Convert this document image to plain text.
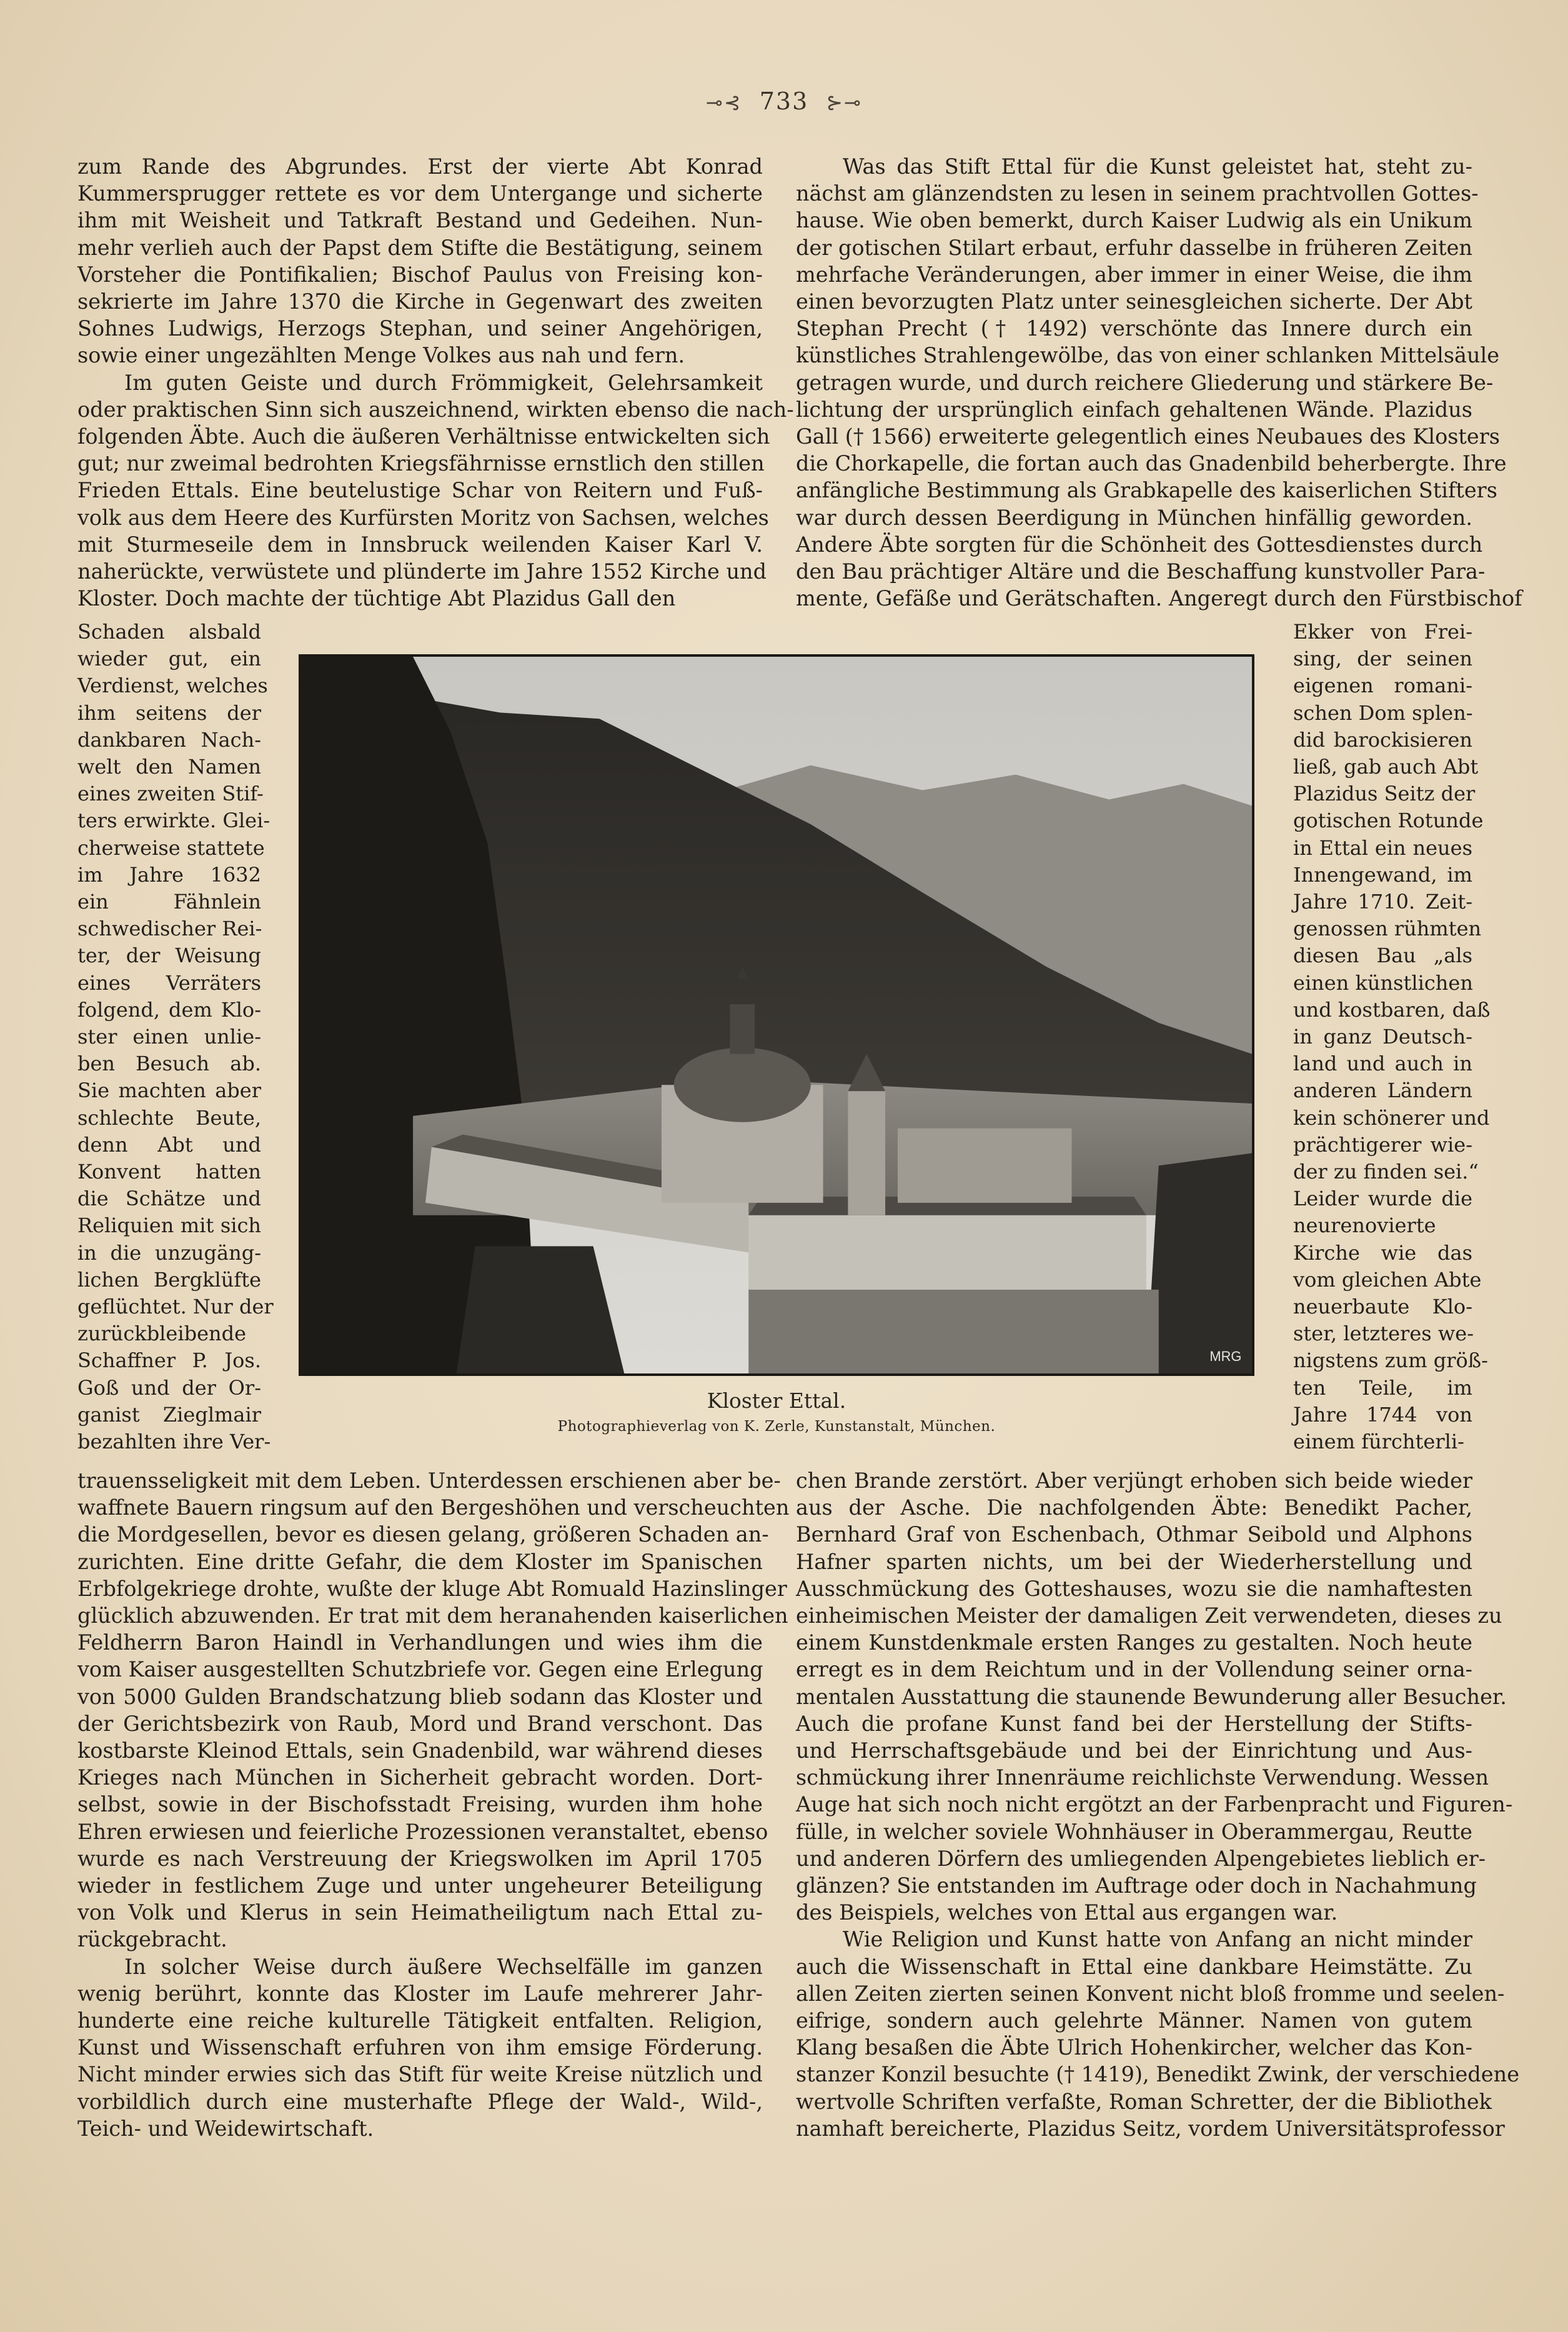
⊸⊰ 733 ⊱⊸
zum Rande des Abgrundes. Erst der vierte Abt Konrad
Kummersprugger rettete es vor dem Untergange und sicherte
ihm mit Weisheit und Tatkraft Bestand und Gedeihen. Nun-
mehr verlieh auch der Papst dem Stifte die Bestätigung, seinem
Vorsteher die Pontifikalien; Bischof Paulus von Freising kon-
sekrierte im Jahre 1370 die Kirche in Gegenwart des zweiten
Sohnes Ludwigs, Herzogs Stephan, und seiner Angehörigen,
sowie einer ungezählten Menge Volkes aus nah und fern.
Im guten Geiste und durch Frömmigkeit, Gelehrsamkeit
oder praktischen Sinn sich auszeichnend, wirkten ebenso die nach-
folgenden Äbte. Auch die äußeren Verhältnisse entwickelten sich
gut; nur zweimal bedrohten Kriegsfährnisse ernstlich den stillen
Frieden Ettals. Eine beutelustige Schar von Reitern und Fuß-
volk aus dem Heere des Kurfürsten Moritz von Sachsen, welches
mit Sturmeseile dem in Innsbruck weilenden Kaiser Karl V.
naherückte, verwüstete und plünderte im Jahre 1552 Kirche und
Kloster. Doch machte der tüchtige Abt Plazidus Gall den
Was das Stift Ettal für die Kunst geleistet hat, steht zu-
nächst am glänzendsten zu lesen in seinem prachtvollen Gottes-
hause. Wie oben bemerkt, durch Kaiser Ludwig als ein Unikum
der gotischen Stilart erbaut, erfuhr dasselbe in früheren Zeiten
mehrfache Veränderungen, aber immer in einer Weise, die ihm
einen bevorzugten Platz unter seinesgleichen sicherte. Der Abt
Stephan Precht († 1492) verschönte das Innere durch ein
künstliches Strahlengewölbe, das von einer schlanken Mittelsäule
getragen wurde, und durch reichere Gliederung und stärkere Be-
lichtung der ursprünglich einfach gehaltenen Wände. Plazidus
Gall († 1566) erweiterte gelegentlich eines Neubaues des Klosters
die Chorkapelle, die fortan auch das Gnadenbild beherbergte. Ihre
anfängliche Bestimmung als Grabkapelle des kaiserlichen Stifters
war durch dessen Beerdigung in München hinfällig geworden.
Andere Äbte sorgten für die Schönheit des Gottesdienstes durch
den Bau prächtiger Altäre und die Beschaffung kunstvoller Para-
mente, Gefäße und Gerätschaften. Angeregt durch den Fürstbischof
Schaden alsbald
wieder gut, ein
Verdienst, welches
ihm seitens der
dankbaren Nach-
welt den Namen
eines zweiten Stif-
ters erwirkte. Glei-
cherweise stattete
im Jahre 1632
ein Fähnlein
schwedischer Rei-
ter, der Weisung
eines Verräters
folgend, dem Klo-
ster einen unlie-
ben Besuch ab.
Sie machten aber
schlechte Beute,
denn Abt und
Konvent hatten
die Schätze und
Reliquien mit sich
in die unzugäng-
lichen Bergklüfte
geflüchtet. Nur der
zurückbleibende
Schaffner P. Jos.
Goß und der Or-
ganist Zieglmair
bezahlten ihre Ver-
Ekker von Frei-
sing, der seinen
eigenen romani-
schen Dom splen-
did barockisieren
ließ, gab auch Abt
Plazidus Seitz der
gotischen Rotunde
in Ettal ein neues
Innengewand, im
Jahre 1710. Zeit-
genossen rühmten
diesen Bau „als
einen künstlichen
und kostbaren, daß
in ganz Deutsch-
land und auch in
anderen Ländern
kein schönerer und
prächtigerer wie-
der zu finden sei.“
Leider wurde die
neurenovierte
Kirche wie das
vom gleichen Abte
neuerbaute Klo-
ster, letzteres we-
nigstens zum größ-
ten Teile, im
Jahre 1744 von
einem fürchterli-
trauensseligkeit mit dem Leben. Unterdessen erschienen aber be-
waffnete Bauern ringsum auf den Bergeshöhen und verscheuchten
die Mordgesellen, bevor es diesen gelang, größeren Schaden an-
zurichten. Eine dritte Gefahr, die dem Kloster im Spanischen
Erbfolgekriege drohte, wußte der kluge Abt Romuald Hazinslinger
glücklich abzuwenden. Er trat mit dem heranahenden kaiserlichen
Feldherrn Baron Haindl in Verhandlungen und wies ihm die
vom Kaiser ausgestellten Schutzbriefe vor. Gegen eine Erlegung
von 5000 Gulden Brandschatzung blieb sodann das Kloster und
der Gerichtsbezirk von Raub, Mord und Brand verschont. Das
kostbarste Kleinod Ettals, sein Gnadenbild, war während dieses
Krieges nach München in Sicherheit gebracht worden. Dort-
selbst, sowie in der Bischofsstadt Freising, wurden ihm hohe
Ehren erwiesen und feierliche Prozessionen veranstaltet, ebenso
wurde es nach Verstreuung der Kriegswolken im April 1705
wieder in festlichem Zuge und unter ungeheurer Beteiligung
von Volk und Klerus in sein Heimatheiligtum nach Ettal zu-
rückgebracht.
In solcher Weise durch äußere Wechselfälle im ganzen
wenig berührt, konnte das Kloster im Laufe mehrerer Jahr-
hunderte eine reiche kulturelle Tätigkeit entfalten. Religion,
Kunst und Wissenschaft erfuhren von ihm emsige Förderung.
Nicht minder erwies sich das Stift für weite Kreise nützlich und
vorbildlich durch eine musterhafte Pflege der Wald-, Wild-,
Teich- und Weidewirtschaft.
chen Brande zerstört. Aber verjüngt erhoben sich beide wieder
aus der Asche. Die nachfolgenden Äbte: Benedikt Pacher,
Bernhard Graf von Eschenbach, Othmar Seibold und Alphons
Hafner sparten nichts, um bei der Wiederherstellung und
Ausschmückung des Gotteshauses, wozu sie die namhaftesten
einheimischen Meister der damaligen Zeit verwendeten, dieses zu
einem Kunstdenkmale ersten Ranges zu gestalten. Noch heute
erregt es in dem Reichtum und in der Vollendung seiner orna-
mentalen Ausstattung die staunende Bewunderung aller Besucher.
Auch die profane Kunst fand bei der Herstellung der Stifts-
und Herrschaftsgebäude und bei der Einrichtung und Aus-
schmückung ihrer Innenräume reichlichste Verwendung. Wessen
Auge hat sich noch nicht ergötzt an der Farbenpracht und Figuren-
fülle, in welcher soviele Wohnhäuser in Oberammergau, Reutte
und anderen Dörfern des umliegenden Alpengebietes lieblich er-
glänzen? Sie entstanden im Auftrage oder doch in Nachahmung
des Beispiels, welches von Ettal aus ergangen war.
Wie Religion und Kunst hatte von Anfang an nicht minder
auch die Wissenschaft in Ettal eine dankbare Heimstätte. Zu
allen Zeiten zierten seinen Konvent nicht bloß fromme und seelen-
eifrige, sondern auch gelehrte Männer. Namen von gutem
Klang besaßen die Äbte Ulrich Hohenkircher, welcher das Kon-
stanzer Konzil besuchte († 1419), Benedikt Zwink, der verschiedene
wertvolle Schriften verfaßte, Roman Schretter, der die Bibliothek
namhaft bereicherte, Plazidus Seitz, vordem Universitätsprofessor
MRG
Kloster Ettal.
Photographieverlag von K. Zerle, Kunstanstalt, München.
